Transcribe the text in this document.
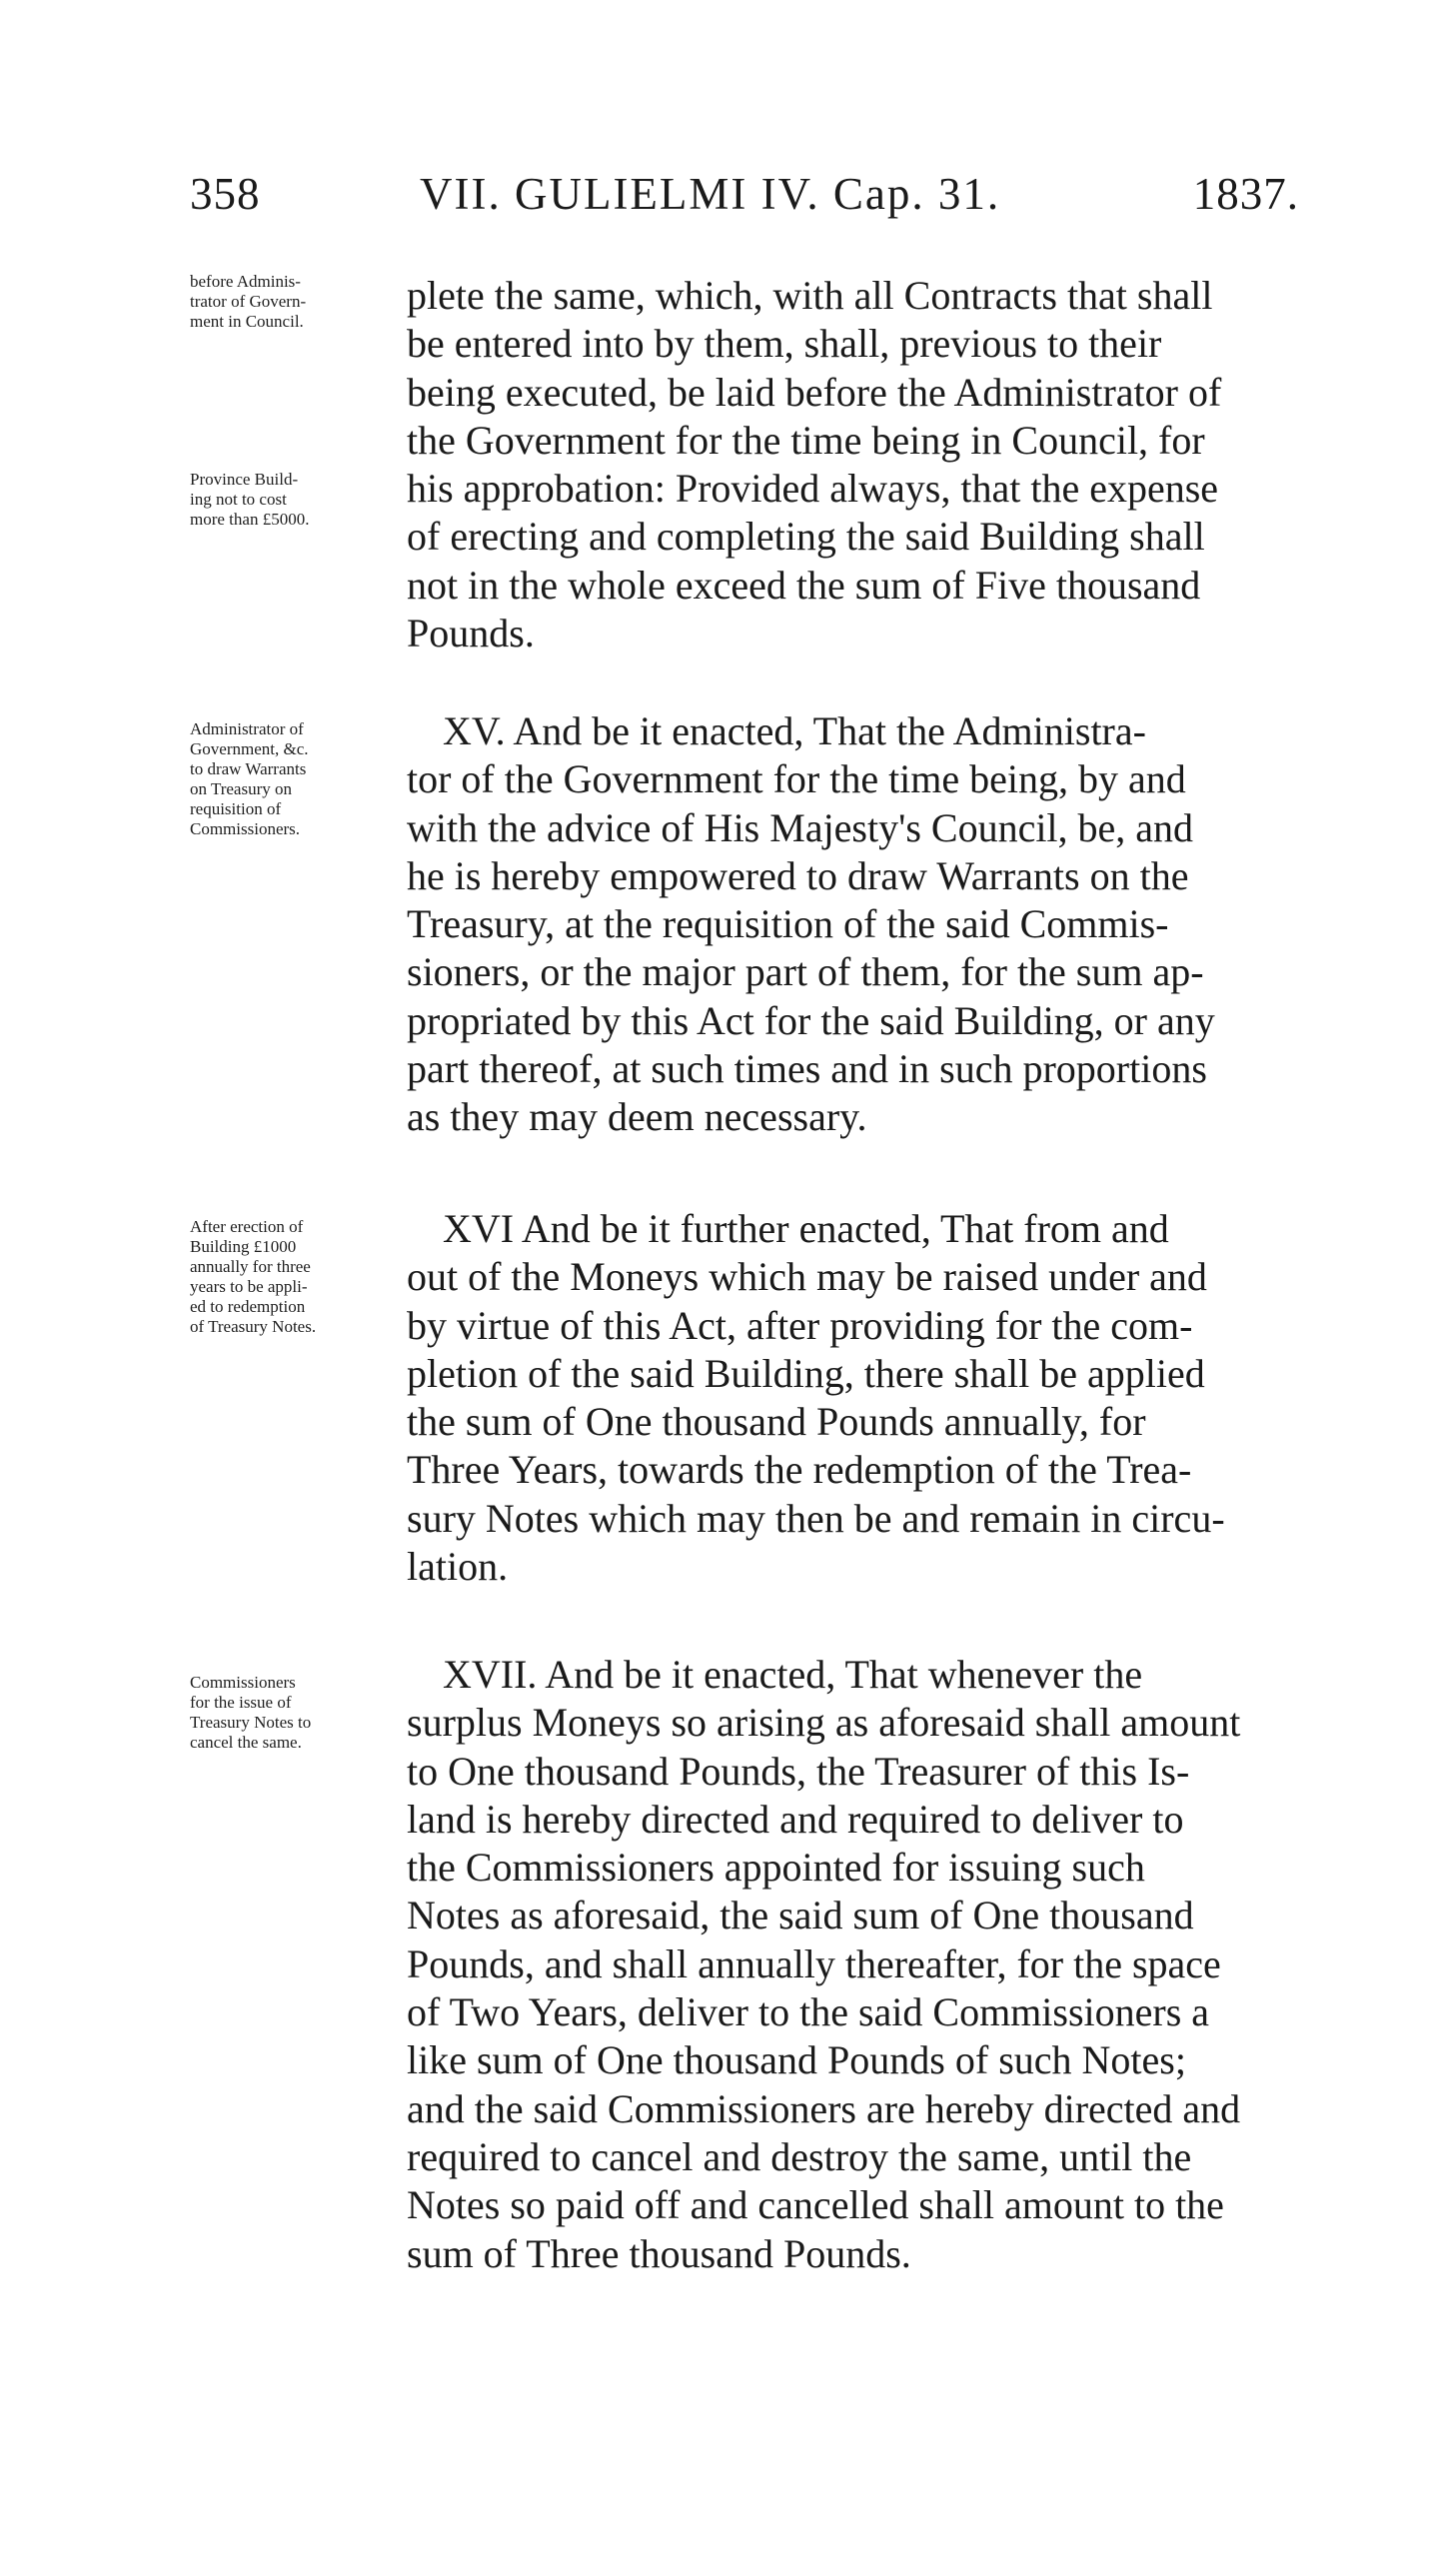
358	VII. GULIELMI IV. Cap. 31.	1837.
before Adminis-
trator of Govern-
ment in Council.
Province Build-
ing not to cost
more than £5000.
plete the same, which, with all Contracts that shall
be entered into by them, shall, previous to their
being executed, be laid before the Administrator of
the Government for the time being in Council, for
his approbation: Provided always, that the expense
of erecting and completing the said Building shall
not in the whole exceed the sum of Five thousand
Pounds.
Administrator of
Government, &c.
to draw Warrants
on Treasury on
requisition of
Commissioners.
XV. And be it enacted, That the Administra-
tor of the Government for the time being, by and
with the advice of His Majesty's Council, be, and
he is hereby empowered to draw Warrants on the
Treasury, at the requisition of the said Commis-
sioners, or the major part of them, for the sum ap-
propriated by this Act for the said Building, or any
part thereof, at such times and in such proportions
as they may deem necessary.
After erection of
Building £1000
annually for three
years to be appli-
ed to redemption
of Treasury Notes.
XVI And be it further enacted, That from and
out of the Moneys which may be raised under and
by virtue of this Act, after providing for the com-
pletion of the said Building, there shall be applied
the sum of One thousand Pounds annually, for
Three Years, towards the redemption of the Trea-
sury Notes which may then be and remain in circu-
lation.
Commissioners
for the issue of
Treasury Notes to
cancel the same.
XVII. And be it enacted, That whenever the
surplus Moneys so arising as aforesaid shall amount
to One thousand Pounds, the Treasurer of this Is-
land is hereby directed and required to deliver to
the Commissioners appointed for issuing such
Notes as aforesaid, the said sum of One thousand
Pounds, and shall annually thereafter, for the space
of Two Years, deliver to the said Commissioners a
like sum of One thousand Pounds of such Notes;
and the said Commissioners are hereby directed and
required to cancel and destroy the same, until the
Notes so paid off and cancelled shall amount to the
sum of Three thousand Pounds.
